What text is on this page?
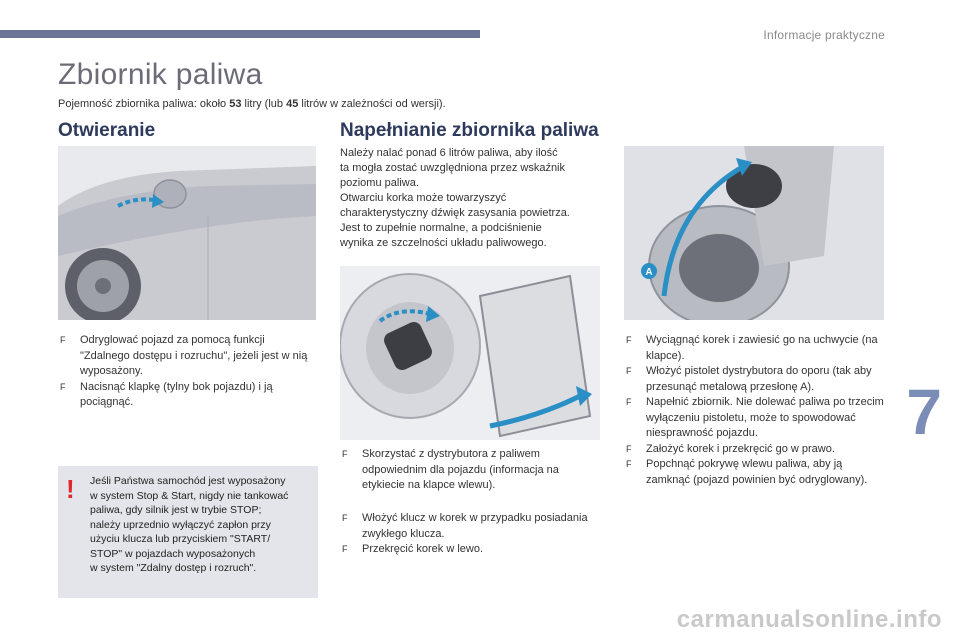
Informacje praktyczne
7
Zbiornik paliwa
Pojemność zbiornika paliwa: około 53 litry (lub 45 litrów w zależności od wersji).
Otwieranie	Napełnianie zbiornika paliwa
A
Należy nalać ponad 6 litrów paliwa, aby ilość
ta mogła zostać uwzględniona przez wskaźnik
poziomu paliwa.
Otwarciu korka może towarzyszyć
charakterystyczny dźwięk zasysania powietrza.
Jest to zupełnie normalne, a podciśnienie
wynika ze szczelności układu paliwowego.
F Odryglować pojazd za pomocą funkcji "Zdalnego dostępu i rozruchu", jeżeli jest w nią wyposażony.
F Nacisnąć klapkę (tylny bok pojazdu) i ją pociągnąć.
! Jeśli Państwa samochód jest wyposażony
w system Stop & Start, nigdy nie tankować
paliwa, gdy silnik jest w trybie STOP;
należy uprzednio wyłączyć zapłon przy
użyciu klucza lub przyciskiem "START/
STOP" w pojazdach wyposażonych
w system "Zdalny dostęp i rozruch".
F Skorzystać z dystrybutora z paliwem odpowiednim dla pojazdu (informacja na etykiecie na klapce wlewu).
F Włożyć klucz w korek w przypadku posiadania zwykłego klucza.
F Przekręcić korek w lewo.
F Wyciągnąć korek i zawiesić go na uchwycie (na klapce).
F Włożyć pistolet dystrybutora do oporu (tak aby przesunąć metalową przesłonę A).
F Napełnić zbiornik. Nie dolewać paliwa po trzecim wyłączeniu pistoletu, może to spowodować niesprawność pojazdu.
F Założyć korek i przekręcić go w prawo.
F Popchnąć pokrywę wlewu paliwa, aby ją zamknąć (pojazd powinien być odryglowany).
carmanualsonline.info
